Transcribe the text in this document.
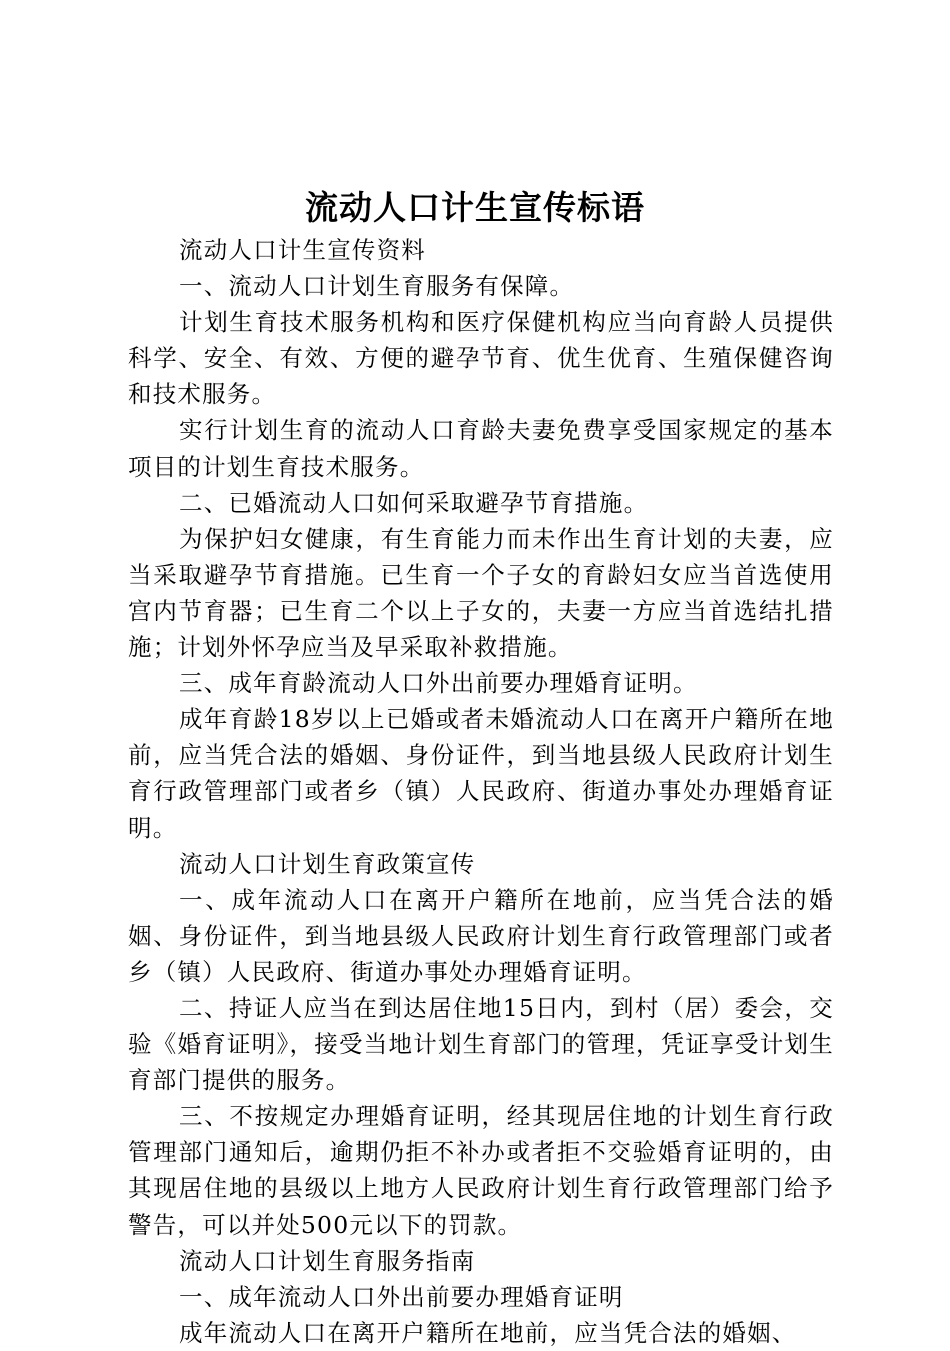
流动人口计生宣传标语

流动人口计生宣传资料

一、流动人口计划生育服务有保障。

计划生育技术服务机构和医疗保健机构应当向育龄人员提供科学、安全、有效、方便的避孕节育、优生优育、生殖保健咨询和技术服务。

实行计划生育的流动人口育龄夫妻免费享受国家规定的基本项目的计划生育技术服务。

二、已婚流动人口如何采取避孕节育措施。

为保护妇女健康，有生育能力而未作出生育计划的夫妻，应当采取避孕节育措施。已生育一个子女的育龄妇女应当首选使用宫内节育器；已生育二个以上子女的，夫妻一方应当首选结扎措施；计划外怀孕应当及早采取补救措施。

三、成年育龄流动人口外出前要办理婚育证明。

成年育龄18岁以上已婚或者未婚流动人口在离开户籍所在地前，应当凭合法的婚姻、身份证件，到当地县级人民政府计划生育行政管理部门或者乡（镇）人民政府、街道办事处办理婚育证明。

流动人口计划生育政策宣传

一、成年流动人口在离开户籍所在地前，应当凭合法的婚姻、身份证件，到当地县级人民政府计划生育行政管理部门或者乡（镇）人民政府、街道办事处办理婚育证明。

二、持证人应当在到达居住地15日内，到村（居）委会，交验《婚育证明》，接受当地计划生育部门的管理，凭证享受计划生育部门提供的服务。

三、不按规定办理婚育证明，经其现居住地的计划生育行政管理部门通知后，逾期仍拒不补办或者拒不交验婚育证明的，由其现居住地的县级以上地方人民政府计划生育行政管理部门给予警告，可以并处500元以下的罚款。

流动人口计划生育服务指南

一、成年流动人口外出前要办理婚育证明

成年流动人口在离开户籍所在地前，应当凭合法的婚姻、
